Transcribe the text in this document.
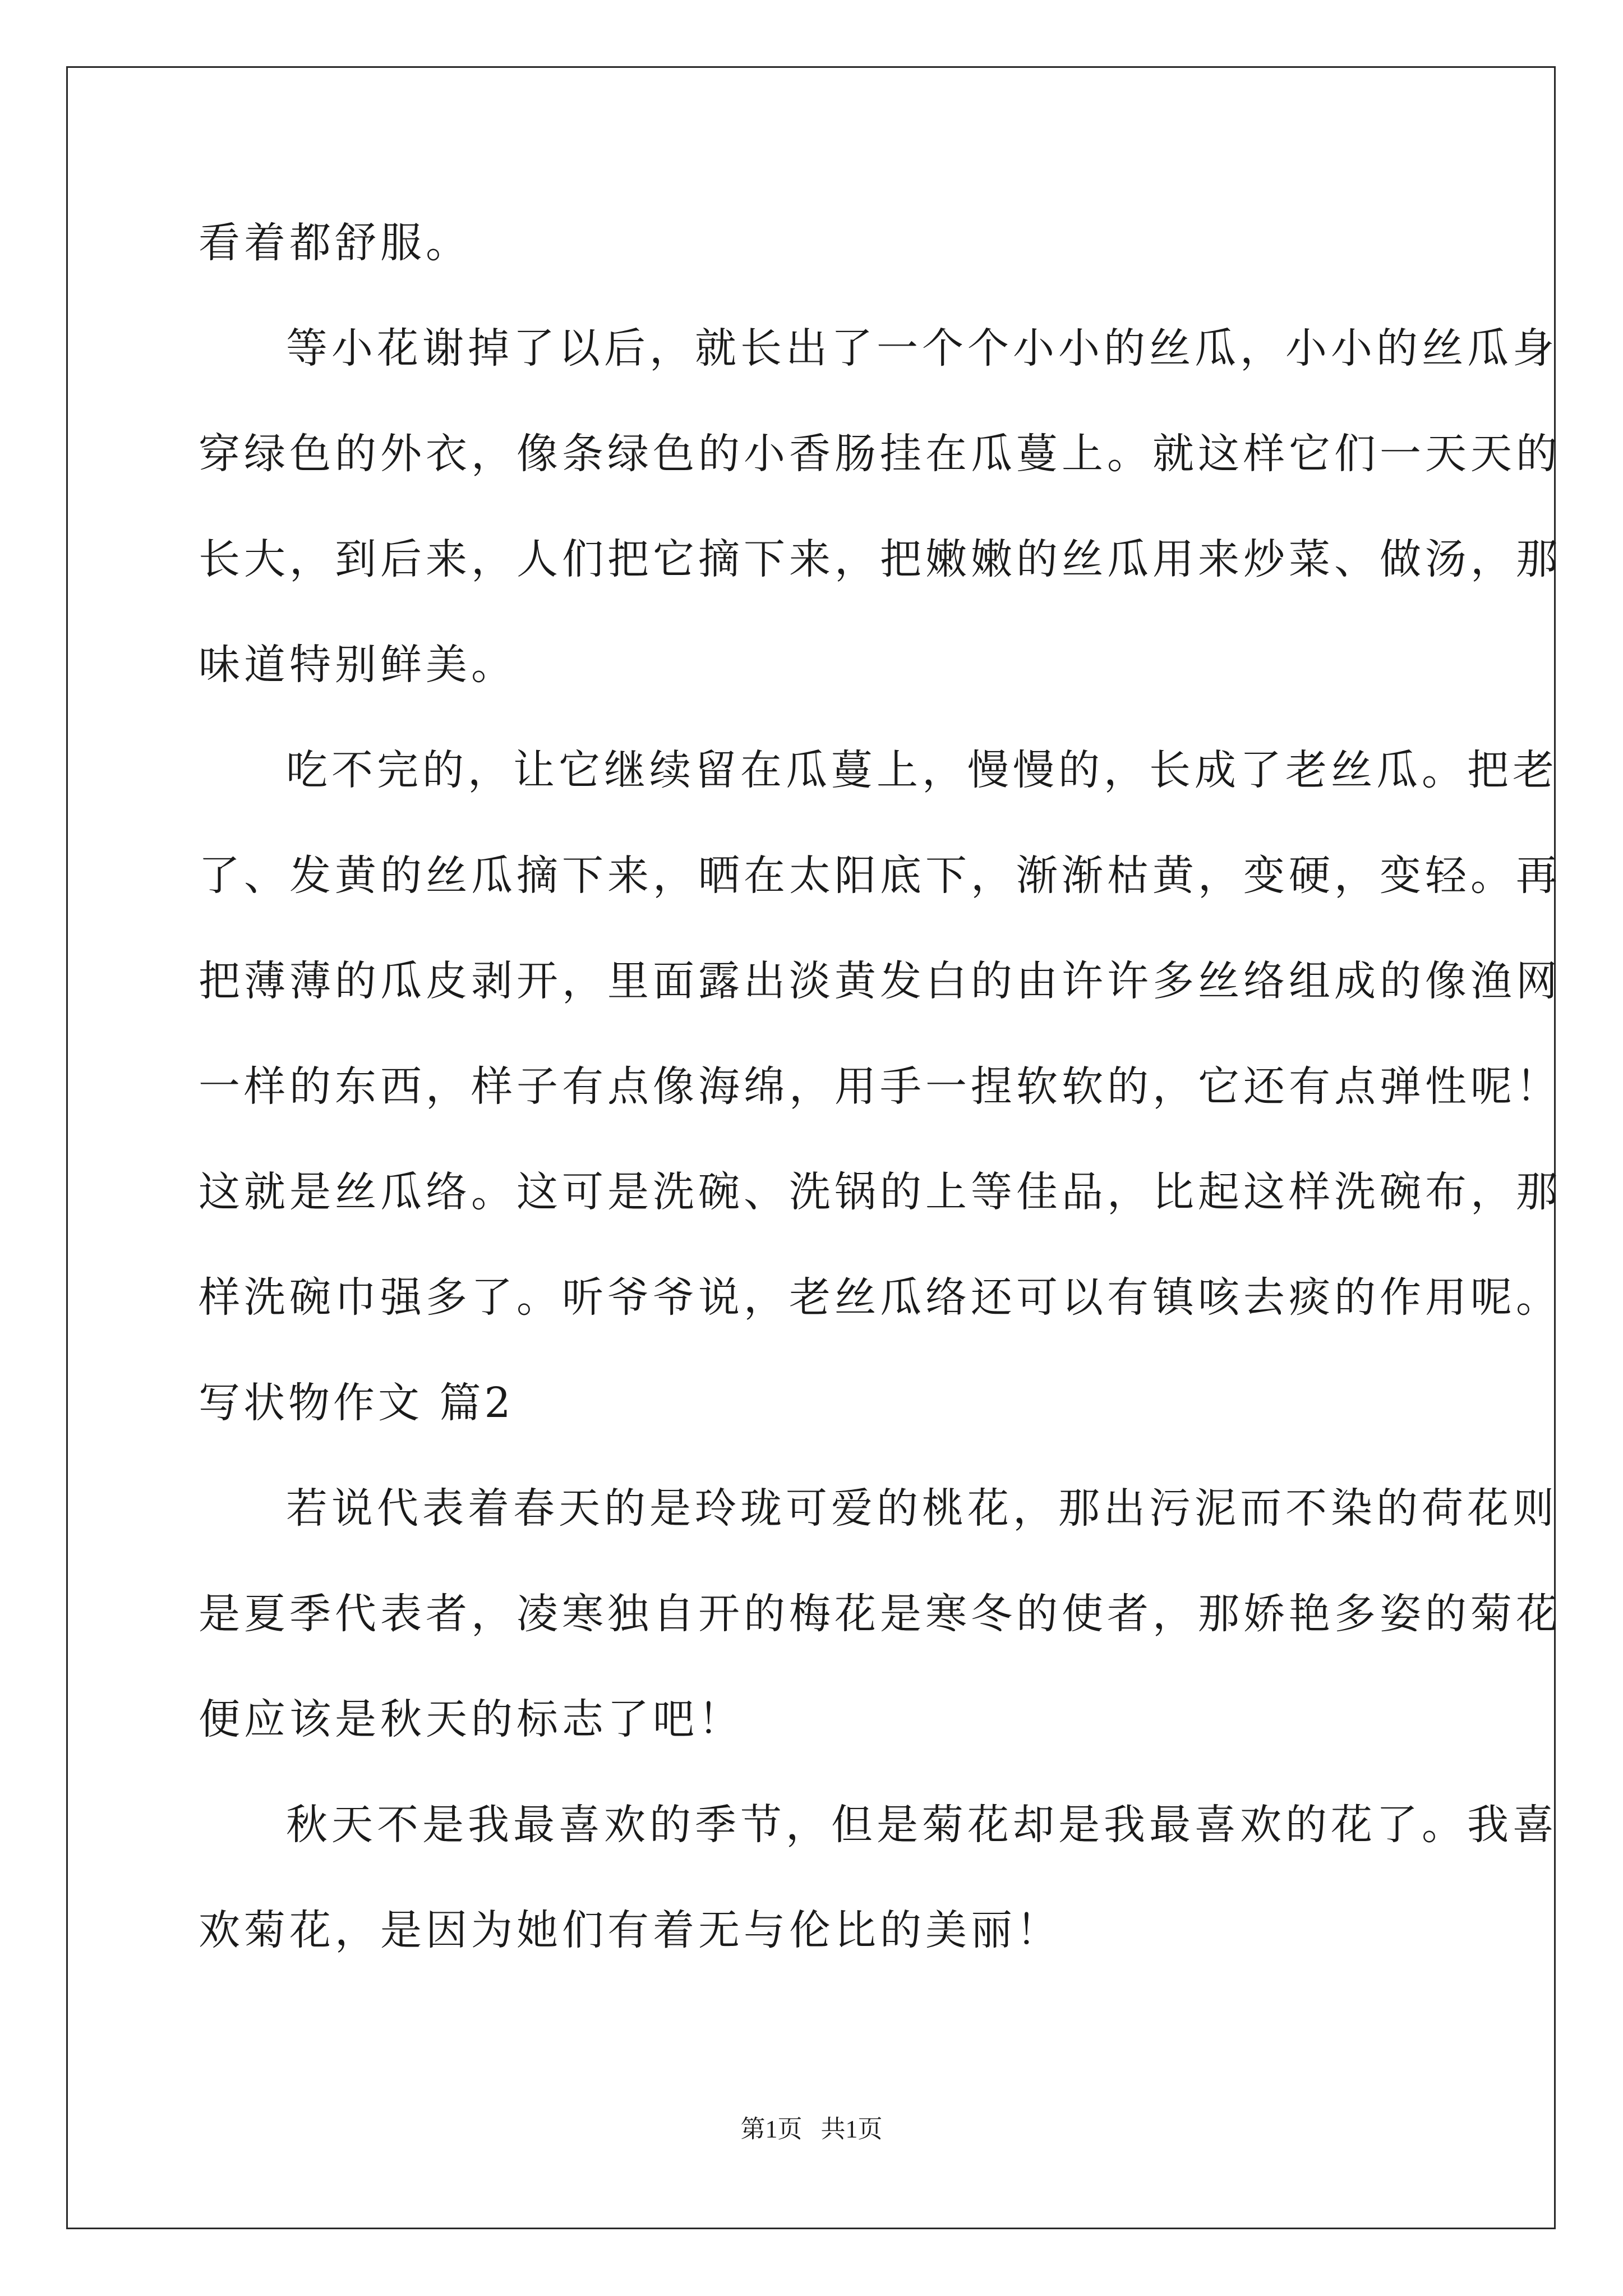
看着都舒服。
等小花谢掉了以后，就长出了一个个小小的丝瓜，小小的丝瓜身
穿绿色的外衣，像条绿色的小香肠挂在瓜蔓上。就这样它们一天天的
长大，到后来，人们把它摘下来，把嫩嫩的丝瓜用来炒菜、做汤，那
味道特别鲜美。
吃不完的，让它继续留在瓜蔓上，慢慢的，长成了老丝瓜。把老
了、发黄的丝瓜摘下来，晒在太阳底下，渐渐枯黄，变硬，变轻。再
把薄薄的瓜皮剥开，里面露出淡黄发白的由许许多丝络组成的像渔网
一样的东西，样子有点像海绵，用手一捏软软的，它还有点弹性呢！
这就是丝瓜络。这可是洗碗、洗锅的上等佳品，比起这样洗碗布，那
样洗碗巾强多了。听爷爷说，老丝瓜络还可以有镇咳去痰的作用呢。
写状物作文 篇2
若说代表着春天的是玲珑可爱的桃花，那出污泥而不染的荷花则
是夏季代表者，凌寒独自开的梅花是寒冬的使者，那娇艳多姿的菊花
便应该是秋天的标志了吧！
秋天不是我最喜欢的季节，但是菊花却是我最喜欢的花了。我喜
欢菊花，是因为她们有着无与伦比的美丽！
第1页   共1页
